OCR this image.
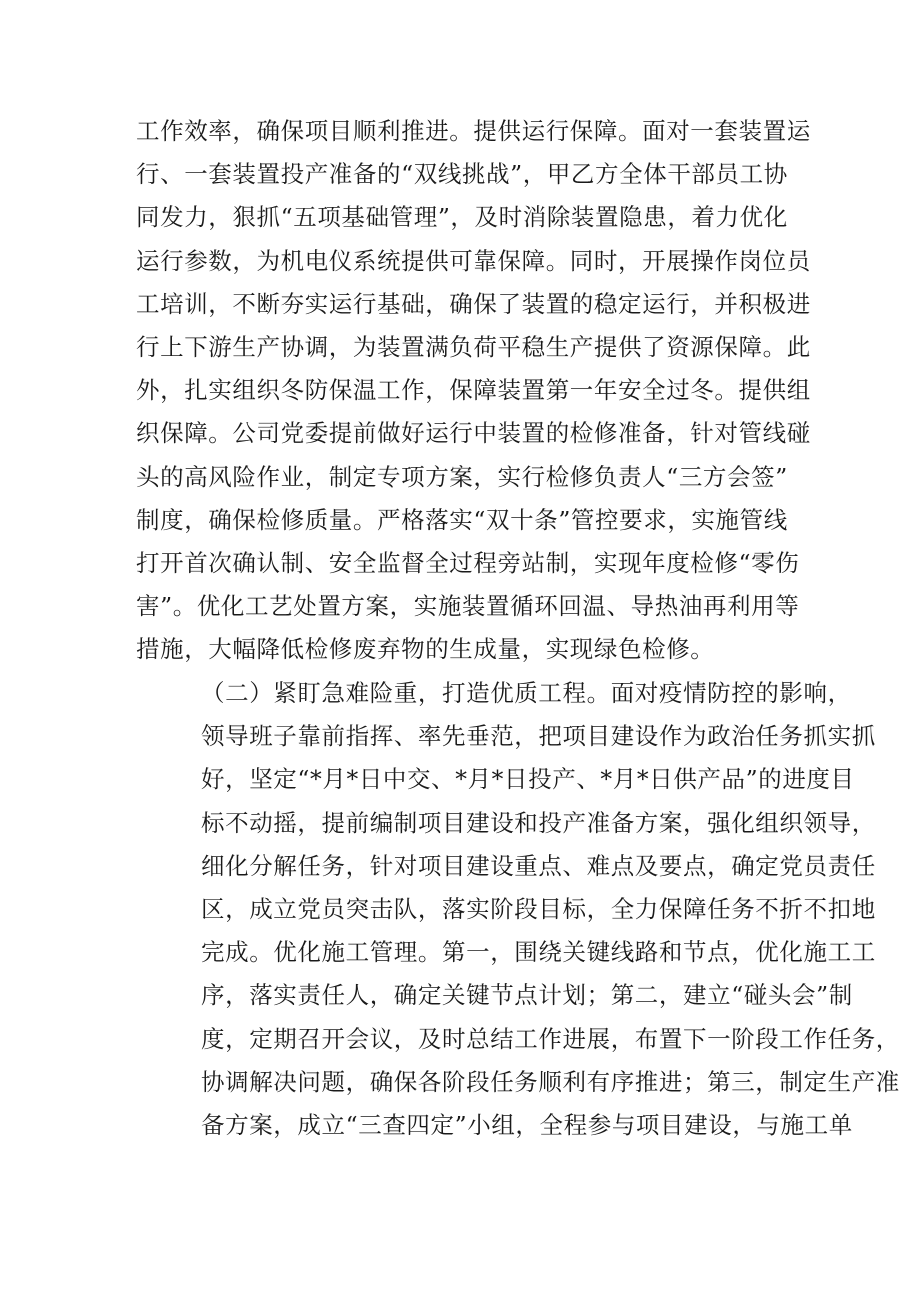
工作效率，确保项目顺利推进。提供运行保障。面对一套装置运
行、一套装置投产准备的“双线挑战”，甲乙方全体干部员工协
同发力，狠抓“五项基础管理”，及时消除装置隐患，着力优化
运行参数，为机电仪系统提供可靠保障。同时，开展操作岗位员
工培训，不断夯实运行基础，确保了装置的稳定运行，并积极进
行上下游生产协调，为装置满负荷平稳生产提供了资源保障。此
外，扎实组织冬防保温工作，保障装置第一年安全过冬。提供组
织保障。公司党委提前做好运行中装置的检修准备，针对管线碰
头的高风险作业，制定专项方案，实行检修负责人“三方会签”
制度，确保检修质量。严格落实“双十条”管控要求，实施管线
打开首次确认制、安全监督全过程旁站制，实现年度检修“零伤
害”。优化工艺处置方案，实施装置循环回温、导热油再利用等
措施，大幅降低检修废弃物的生成量，实现绿色检修。
（二）紧盯急难险重，打造优质工程。面对疫情防控的影响，
领导班子靠前指挥、率先垂范，把项目建设作为政治任务抓实抓
好，坚定“*月*日中交、*月*日投产、*月*日供产品”的进度目
标不动摇，提前编制项目建设和投产准备方案，强化组织领导，
细化分解任务，针对项目建设重点、难点及要点，确定党员责任
区，成立党员突击队，落实阶段目标，全力保障任务不折不扣地
完成。优化施工管理。第一，围绕关键线路和节点，优化施工工
序，落实责任人，确定关键节点计划；第二，建立“碰头会”制
度，定期召开会议，及时总结工作进展，布置下一阶段工作任务，
协调解决问题，确保各阶段任务顺利有序推进；第三，制定生产准
备方案，成立“三查四定”小组，全程参与项目建设，与施工单
